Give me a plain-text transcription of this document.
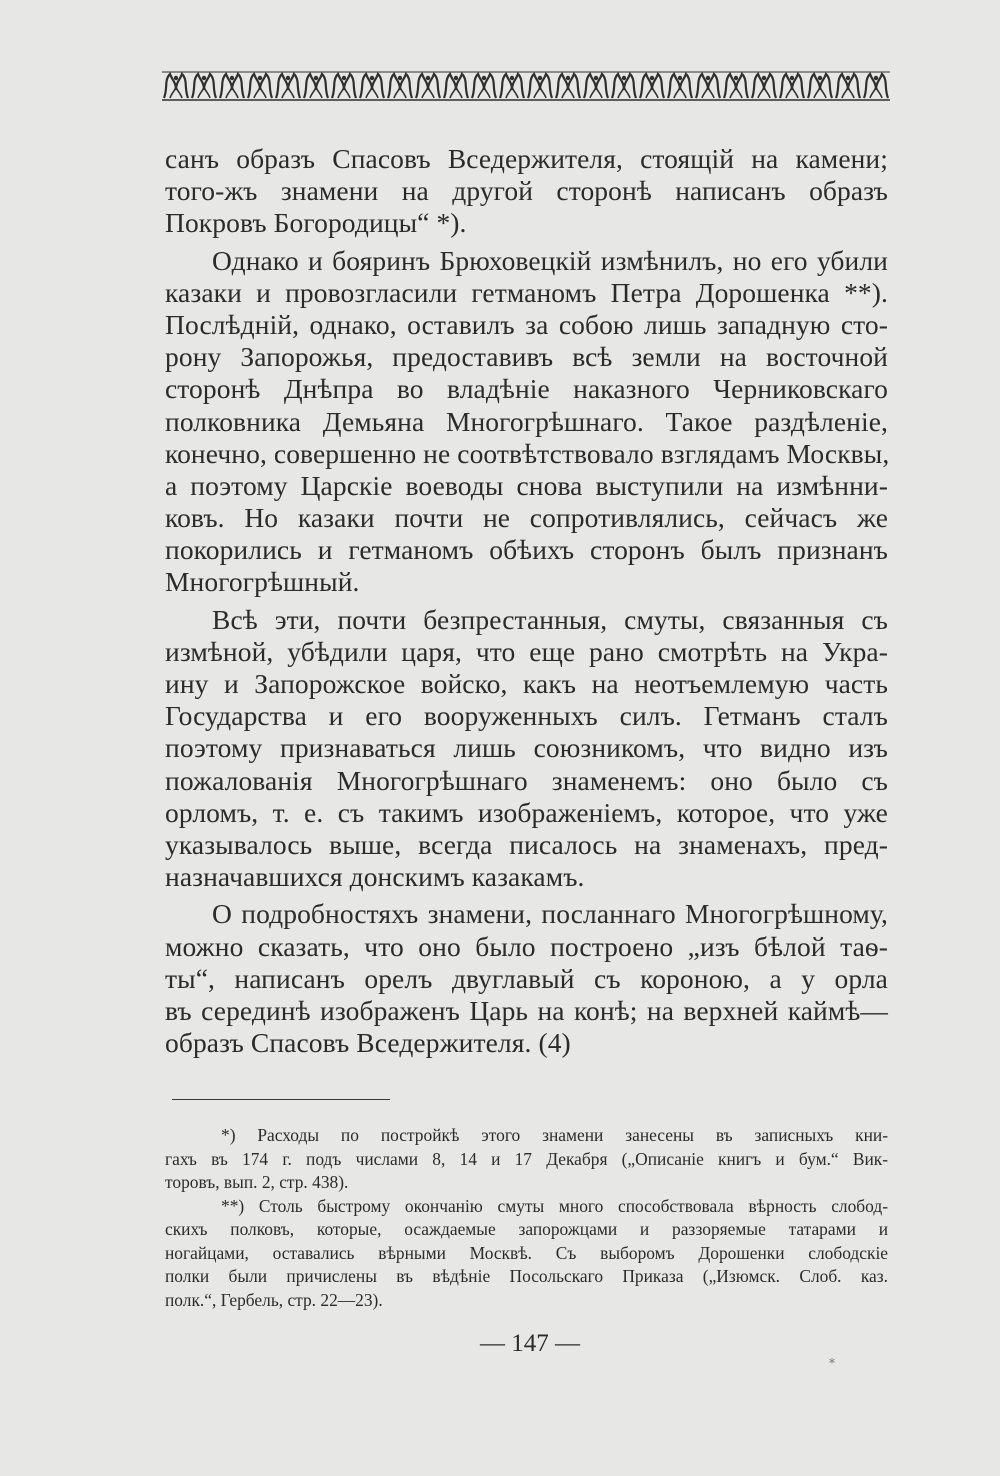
санъ образъ Спасовъ Вседержителя, стоящій на камени;
того-жъ знамени на другой сторонѣ написанъ образъ
Покровъ Богородицы“ *).
Однако и бояринъ Брюховецкій измѣнилъ, но его убили
казаки и провозгласили гетманомъ Петра Дорошенка **).
Послѣдній, однако, оставилъ за собою лишь западную сто-
рону Запорожья, предоставивъ всѣ земли на восточной
сторонѣ Днѣпра во владѣніе наказного Черниковскаго
полковника Демьяна Многогрѣшнаго. Такое раздѣленіе,
конечно, совершенно не соотвѣтствовало взглядамъ Москвы,
а поэтому Царскіе воеводы снова выступили на измѣнни-
ковъ. Но казаки почти не сопротивлялись, сейчасъ же
покорились и гетманомъ обѣихъ сторонъ былъ признанъ
Многогрѣшный.
Всѣ эти, почти безпрестанныя, смуты, связанныя съ
измѣной, убѣдили царя, что еще рано смотрѣть на Укра-
ину и Запорожское войско, какъ на неотъемлемую часть
Государства и его вооруженныхъ силъ. Гетманъ сталъ
поэтому признаваться лишь союзникомъ, что видно изъ
пожалованія Многогрѣшнаго знаменемъ: оно было съ
орломъ, т. е. съ такимъ изображеніемъ, которое, что уже
указывалось выше, всегда писалось на знаменахъ, пред-
назначавшихся донскимъ казакамъ.
О подробностяхъ знамени, посланнаго Многогрѣшному,
можно сказать, что оно было построено „изъ бѣлой таѳ-
ты“, написанъ орелъ двуглавый съ короною, а у орла
въ серединѣ изображенъ Царь на конѣ; на верхней каймѣ—
образъ Спасовъ Вседержителя. (4)
*) Расходы по постройкѣ этого знамени занесены въ записныхъ кни-
гахъ въ 174 г. подъ числами 8, 14 и 17 Декабря („Описаніе книгъ и бум.“ Вик-
торовъ, вып. 2, стр. 438).
**) Столь быстрому окончанію смуты много способствовала вѣрность слобод-
скихъ полковъ, которые, осаждаемые запорожцами и раззоряемые татарами и
ногайцами, оставались вѣрными Москвѣ. Съ выборомъ Дорошенки слободскіе
полки были причислены въ вѣдѣніе Посольскаго Приказа („Изюмск. Слоб. каз.
полк.“, Гербель, стр. 22—23).
— 147 —
*
